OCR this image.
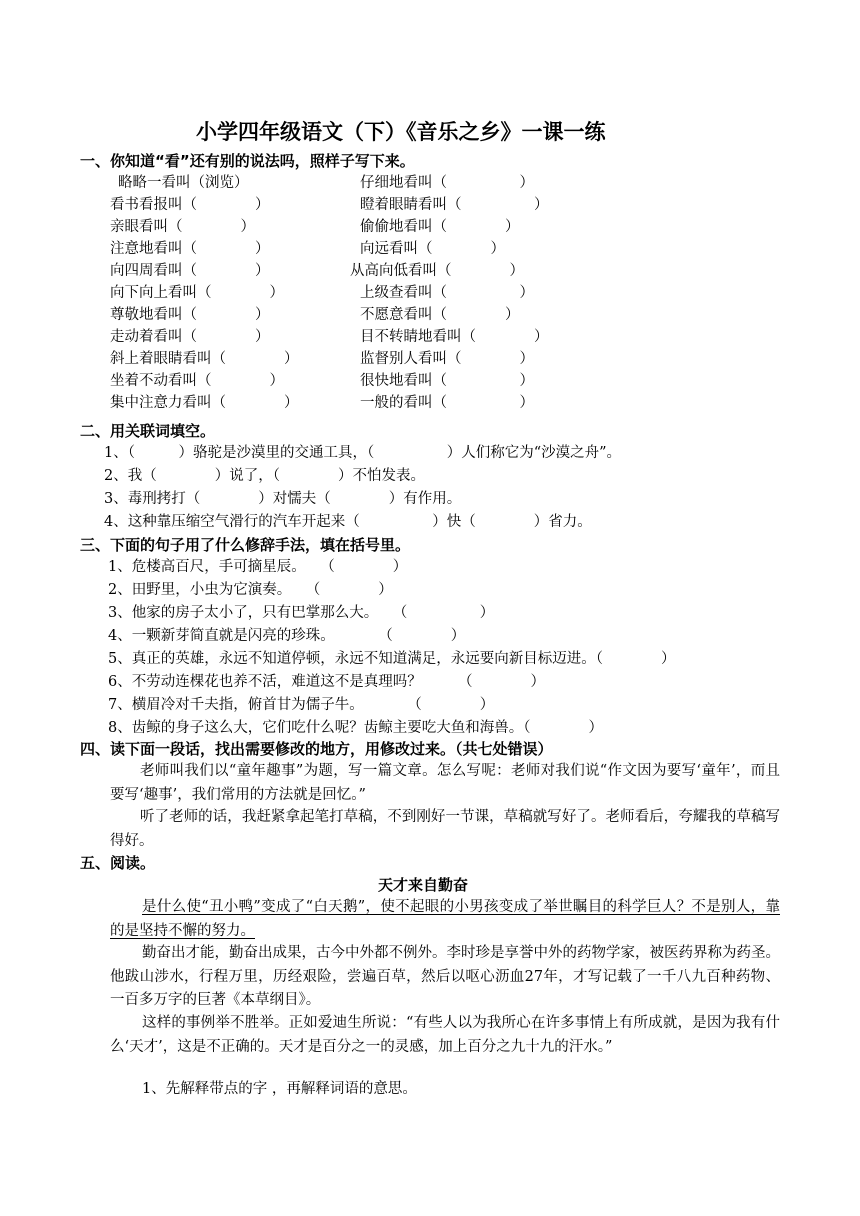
小学四年级语文（下）《音乐之乡》一课一练
一、你知道“看”还有别的说法吗，照样子写下来。
略略一看叫（浏览）
看书看报叫（　　　　）
亲眼看叫（　　　　）
注意地看叫（　　　　）
向四周看叫（　　　　）
向下向上看叫（　　　　）
尊敬地看叫（　　　　）
走动着看叫（　　　　）
斜上着眼睛看叫（　　　　）
坐着不动看叫（　　　　）
集中注意力看叫（　　　　）
仔细地看叫（　　　　　）
瞪着眼睛看叫（　　　　　）
偷偷地看叫（　　　　）
向远看叫（　　　　）
从高向低看叫（　　　　）
上级查看叫（　　　　　）
不愿意看叫（　　　　）
目不转睛地看叫（　　　　）
监督别人看叫（　　　　）
很快地看叫（　　　　　）
一般的看叫（　　　　　）
二、用关联词填空。
1、（　　　）骆驼是沙漠里的交通工具，（　　　　　）人们称它为“沙漠之舟”。
2、我（　　　　）说了，（　　　　）不怕发表。
3、毒刑拷打（　　　　）对懦夫（　　　　）有作用。
4、这种靠压缩空气滑行的汽车开起来（　　　　　）快（　　　　）省力。
三、下面的句子用了什么修辞手法，填在括号里。
1、危楼高百尺，手可摘星辰。　　（　　　　）
2、田野里，小虫为它演奏。　　（　　　　）
3、他家的房子太小了，只有巴掌那么大。　　（　　　　　）
4、一颗新芽简直就是闪亮的珍珠。　　　　（　　　　）
5、真正的英雄，永远不知道停顿，永远不知道满足，永远要向新目标迈进。（　　　　）
6、不劳动连棵花也养不活，难道这不是真理吗？　　　（　　　　）
7、横眉冷对千夫指，俯首甘为儒子牛。　　　　（　　　　）
8、齿鲸的身子这么大，它们吃什么呢？齿鲸主要吃大鱼和海兽。（　　　　）
四、读下面一段话，找出需要修改的地方，用修改过来。（共七处错误）
老师叫我们以“童年趣事”为题，写一篇文章。怎么写呢：老师对我们说“作文因为要写‘童年’，而且要写‘趣事’，我们常用的方法就是回忆。”
听了老师的话，我赶紧拿起笔打草稿，不到刚好一节课，草稿就写好了。老师看后，夸耀我的草稿写得好。
五、阅读。
天才来自勤奋
是什么使“丑小鸭”变成了“白天鹅”，使不起眼的小男孩变成了举世瞩目的科学巨人？不是别人，靠的是坚持不懈的努力。
勤奋出才能，勤奋出成果，古今中外都不例外。李时珍是享誉中外的药物学家，被医药界称为药圣。他跋山涉水，行程万里，历经艰险，尝遍百草，然后以呕心沥血27年，才写记载了一千八九百种药物、一百多万字的巨著《本草纲目》。
这样的事例举不胜举。正如爱迪生所说：“有些人以为我所心在许多事情上有所成就，是因为我有什么‘天才’，这是不正确的。天才是百分之一的灵感，加上百分之九十九的汗水。”
1、先解释带点的字 ，再解释词语的意思。
